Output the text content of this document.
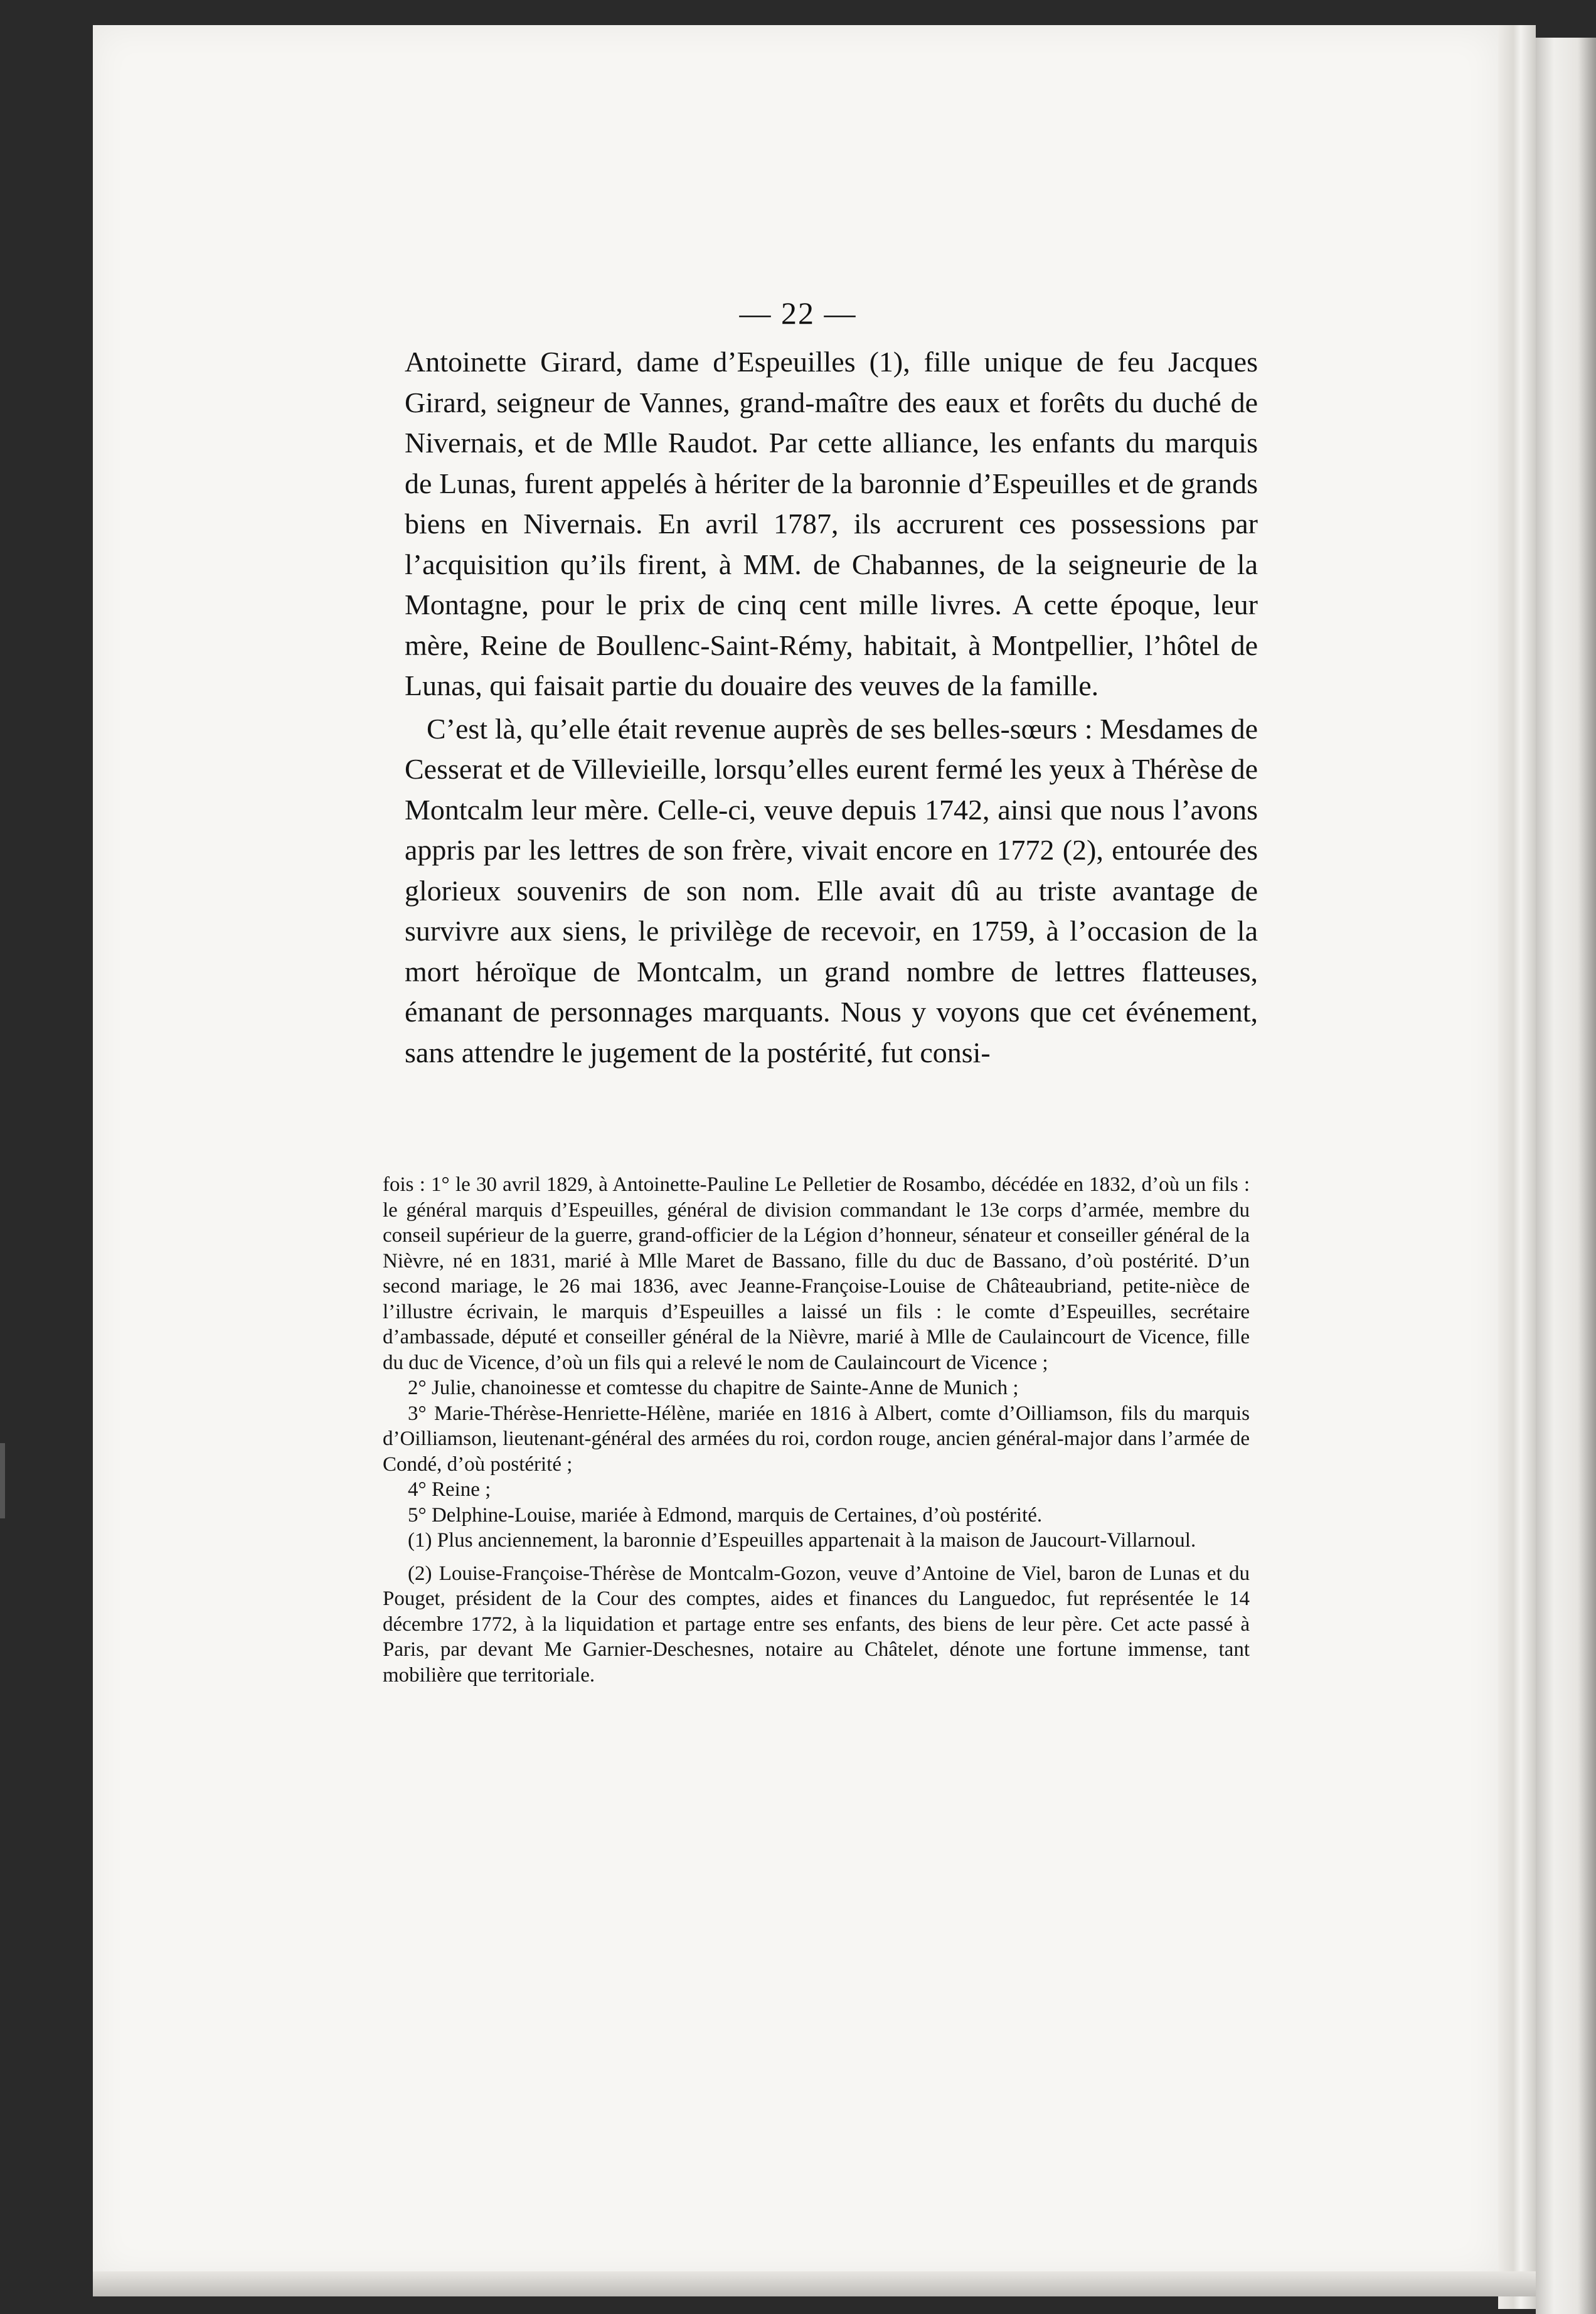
— 22 —

Antoinette Girard, dame d’Espeuilles (1), fille unique de feu Jacques Girard, seigneur de Vannes, grand-maître des eaux et forêts du duché de Nivernais, et de Mlle Raudot. Par cette alliance, les enfants du marquis de Lunas, furent appelés à hériter de la baronnie d’Espeuilles et de grands biens en Nivernais. En avril 1787, ils accrurent ces possessions par l’acquisition qu’ils firent, à MM. de Chabannes, de la seigneurie de la Montagne, pour le prix de cinq cent mille livres. A cette époque, leur mère, Reine de Boullenc-Saint-Rémy, habitait, à Montpellier, l’hôtel de Lunas, qui faisait partie du douaire des veuves de la famille.

C’est là, qu’elle était revenue auprès de ses belles-sœurs : Mesdames de Cesserat et de Villevieille, lorsqu’elles eurent fermé les yeux à Thérèse de Montcalm leur mère. Celle-ci, veuve depuis 1742, ainsi que nous l’avons appris par les lettres de son frère, vivait encore en 1772 (2), entourée des glorieux souvenirs de son nom. Elle avait dû au triste avantage de survivre aux siens, le privilège de recevoir, en 1759, à l’occasion de la mort héroïque de Montcalm, un grand nombre de lettres flatteuses, émanant de personnages marquants. Nous y voyons que cet événement, sans attendre le jugement de la postérité, fut consi-

fois : 1° le 30 avril 1829, à Antoinette-Pauline Le Pelletier de Rosambo, décédée en 1832, d’où un fils : le général marquis d’Espeuilles, général de division commandant le 13e corps d’armée, membre du conseil supérieur de la guerre, grand-officier de la Légion d’honneur, sénateur et conseiller général de la Nièvre, né en 1831, marié à Mlle Maret de Bassano, fille du duc de Bassano, d’où postérité. D’un second mariage, le 26 mai 1836, avec Jeanne-Françoise-Louise de Châteaubriand, petite-nièce de l’illustre écrivain, le marquis d’Espeuilles a laissé un fils : le comte d’Espeuilles, secrétaire d’ambassade, député et conseiller général de la Nièvre, marié à Mlle de Caulaincourt de Vicence, fille du duc de Vicence, d’où un fils qui a relevé le nom de Caulaincourt de Vicence ;

2° Julie, chanoinesse et comtesse du chapitre de Sainte-Anne de Munich ;

3° Marie-Thérèse-Henriette-Hélène, mariée en 1816 à Albert, comte d’Oilliamson, fils du marquis d’Oilliamson, lieutenant-général des armées du roi, cordon rouge, ancien général-major dans l’armée de Condé, d’où postérité ;

4° Reine ;

5° Delphine-Louise, mariée à Edmond, marquis de Certaines, d’où postérité.

(1) Plus anciennement, la baronnie d’Espeuilles appartenait à la maison de Jaucourt-Villarnoul.

(2) Louise-Françoise-Thérèse de Montcalm-Gozon, veuve d’Antoine de Viel, baron de Lunas et du Pouget, président de la Cour des comptes, aides et finances du Languedoc, fut représentée le 14 décembre 1772, à la liquidation et partage entre ses enfants, des biens de leur père. Cet acte passé à Paris, par devant Me Garnier-Deschesnes, notaire au Châtelet, dénote une fortune immense, tant mobilière que territoriale.
